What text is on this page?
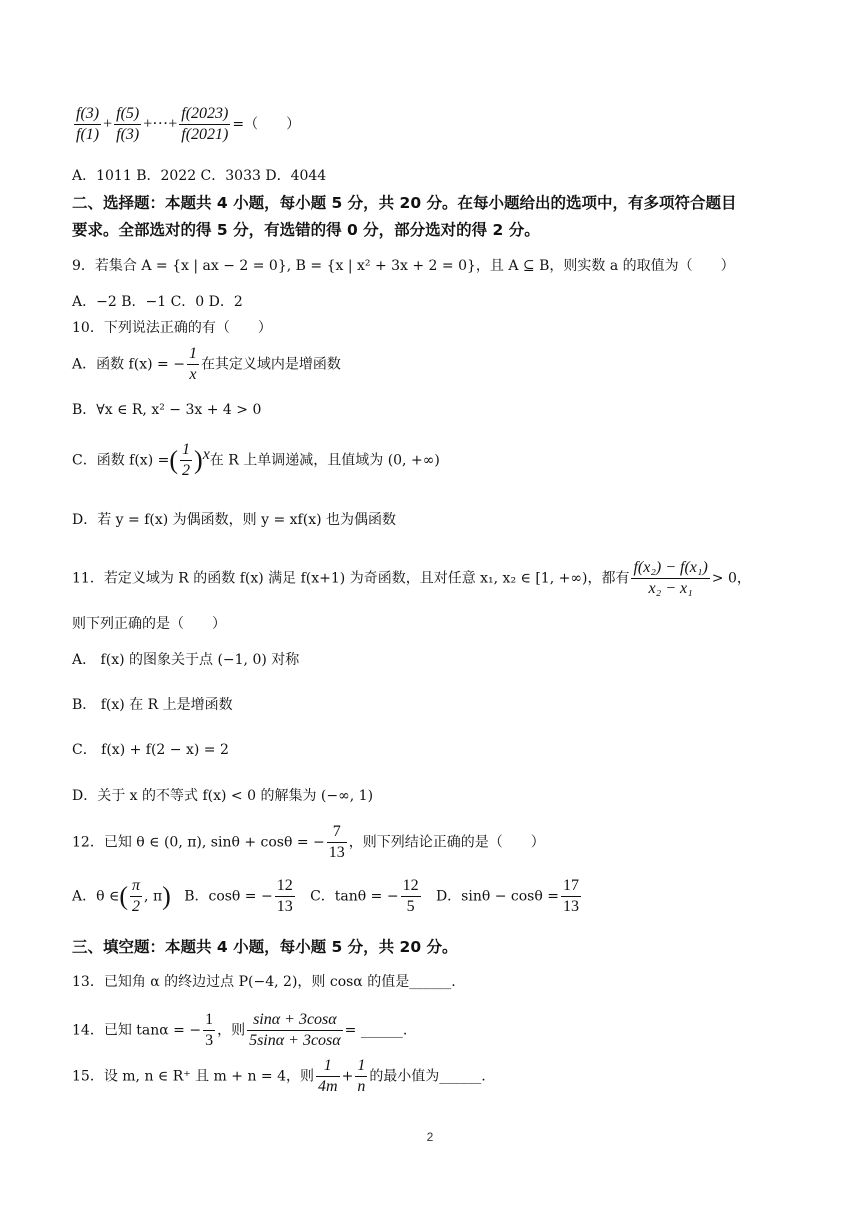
$\frac{f(3)}{f(1)} + \frac{f(5)}{f(3)}$ +···+ $\frac{f(2023)}{f(2021)}$ =（　　）
A．1011 B．2022 C．3033 D．4044
二、选择题：本题共 4 小题，每小题 5 分，共 20 分。在每小题给出的选项中，有多项符合题目
要求。全部选对的得 5 分，有选错的得 0 分，部分选对的得 2 分。
9．若集合 A = {x | ax − 2 = 0}, B = {x | x² + 3x + 2 = 0}，且 A ⊆ B，则实数 a 的取值为（　　）
A．−2 B．−1 C．0 D．2
10．下列说法正确的有（　　）
A．函数 f(x) = − $\frac{1}{x}$ 在其定义域内是增函数
B．∀x ∈ R, x² − 3x + 4 > 0
C．函数 f(x) =( $\frac{1}{2} )^x$在 R 上单调递减，且值域为 (0, +∞)
D．若 y = f(x) 为偶函数，则 y = xf(x) 也为偶函数
11．若定义域为 R 的函数 f(x) 满足 f(x+1) 为奇函数，且对任意 x₁, x₂ ∈ [1, +∞)，都有 $\frac{\text{f(x₂) − f(x₁)}}{\text{x₂ − x₁}} > 0$，
则下列正确的是（　　）
A． f(x) 的图象关于点 (−1, 0) 对称
B． f(x) 在 R 上是增函数
C． f(x) + f(2 − x) = 2
D．关于 x 的不等式 f(x) < 0 的解集为 (−∞, 1)
12．已知 θ ∈ (0, π), sinθ + cosθ = − $\frac{7}{13}$ ，则下列结论正确的是（　　）
A．θ ∈( $\frac{\pi}{2}$ , π) B．cosθ = − $\frac{12}{13}$ C．tanθ = − $\frac{12}{5}$ D．$\sin\theta - \cos\theta = \frac{17}{13}$
三、填空题：本题共 4 小题，每小题 5 分，共 20 分。
13．已知角 α 的终边过点 P(−4, 2)，则 cosα 的值是______.
14．已知 tanα = − $\frac{1}{3}$ ，则 $\frac{\sin\alpha + 3\cos\alpha}{5\sin\alpha + 3\cos\alpha}$ = ______.
15．设 m, n ∈ R⁺ 且 m + n = 4，则 $\frac{1}{4m} + \frac{1}{n}$ 的最小值为______.
2
